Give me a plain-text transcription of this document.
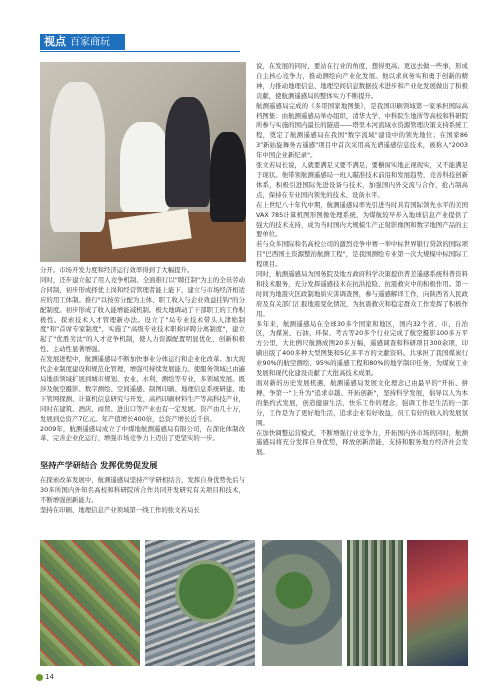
视点 百家商玩
分开。市场开发力度和经济运行效率得到了大幅提升。
同时，还步建立起了用人竞争机制。全面推行以"聘任制"为主的全员劳动合同制，初步形成择优上岗和经营管理者能上能下，建立与市场经济相适应的用工体制。推行"以按劳分配为主体、职工收入与企业效益挂钩"的分配制度。初步形成了收入能增能减机制。极大地调动了干部职工的工作积极性。探索技术人才管理新办法。设立了"局专业技术带头人津贴制度"和"首席专家制度"，实施了"高级专业技术职称评聘分离制度"，建立起了"优胜劣汰"的人才竞争机制，使人力资源配置明显优化，创新积极性、主动性显著增强。
在发展进程中，航测遥感局不断加快事业分体运行和企业化改革。加大现代企业制度建设和规范化管理，增强可持续发展能力。使服务领域已由遍局地质领域扩展到城市规划、农业、水利、测绘等专业，多领域发展。既涉及航空摄影、数字测绘、空间遥感、制图印刷、地理信息系统研建、地下管网探测、计算机信息研究与开发、高档印刷材料生产等高科技产业，同时在建筑、酒店、商贸、进出口等产业也有一定发展。资产由几十万，发展到总资产7亿元。年产值增长400倍，总资产增长近千倍。
2009年，航测遥感局成立了中煤地航测遥感局有限公司，在深化体制改革、完善企业化运行、增强市场竞争力上迈出了更坚实的一步。
坚持产学研结合 发挥优势促发展
在探索改革发展中，航测遥感局坚持产学研相结合，发挥自身优势先后与30多所国内外知名高校和科研院所合作共同开发研究有关项目和技术，不断增强创新能力。
坚持在印刷、地理信息产业领域第一线工作的张文若局长
说，在发展的同时，要站在行业的角度，想得更高、更远去做一些事，形成自主核心竞争力，推动测绘向产业化发展。他以求真务实和勇于创新的精神，力推动地理信息、地理空间信息数据技术进步和产业化发展做出了积极贡献，使航测遥感局的整体实力不断提升。
航测遥感局完成的《多哥国家地图集》，是我国印刷领域第一家承担国际高档图集：由航测遥感局举办组织，清华大学、中科院生地所等高校和科研院所参与实施的国内最长的隧道——塔里木河流域水资源管理决策支持系统工程，奠定了航测遥感局在我国"数字流域"建设中的领先地位；在国家863"新始旋舞务古遥感"项目中首次采用高光谱遥感信息技术，被称入"2003年中国企业新纪录"。
张文若局长说，人就要满足又要不满足，要橱窗实地正视现实，又不能满足于现状。他带领航测遥感局一班人瞄准技术前沿和发展趋势，竞善科技创新体系，积极引进国际先进设备与技术，加强国内外交流与合作，抢占制高点，保持在专业国内领先的技术、设备水平。
在上世纪八十年代中期，航测遥感局率先引进当时具有国际领先水平的美国VAX 785计算机图形图像处理系统，为煤航较早步入地球信息产业提供了强大的技术支持，成为当时国内大规模生产正射影像图和数字地图产品的主要单位。
若与众多国际和名高校公司的激烈竞争中赛一举中标世界银行贷款的国际项目"巴西国土资源整治航测工程"，是我国测绘专业第一次大规模中标国际工程项目。
同时，航测遥感局为国务院及地方政府科学决策提供普差遥感系统科普资料和技术服务，充分发挥遥感技术在抗洪抢险、抗震救灾中的积极作用。第一时间为地震灾区政制地质灾害调查图，参与遥感解译工作，向陕西省人民政府及有关部门汇报地震变化情况，为抗震救灾和稳定群众工作发挥了积极作用。
多年来，航测遥感局在全球30多个国家和地区，国内32个省、市、自治区，为煤炭、石油、环保、考古等20多个行业完成了航空摄影100多万平方公里，大比例尺航测成图20多万幅，遥感调查和科研项目300余项，印刷出版了400多种大型图集和5亿多平方的文献资料。共承担了我国煤炭行业90%的航空测绘、95%的遥感工程和80%的地学制印任务，为煤炭工业发展和现代化建设贡献了大批高技术成果。
面对新的历史发展机遇，航测遥感局发展文化理念已由最早的"开拓、拼搏、争第一"上升为"追求卓越、开拓创新"，坚持科学发展，倡导以人为本的集约式发展，创造健康生活，快乐工作的理念，强调工作是生活的一部分，工作是为了更好地生活，追求企业有好收益，员工有好的收入的发展氛围。
在加快调整运营模式，不断增强行业竞争力，开拓国内外市场的同时，航测遥感局将充分发挥自身优势，释放创新潜能，支持和服务地方经济社会发展。
14
